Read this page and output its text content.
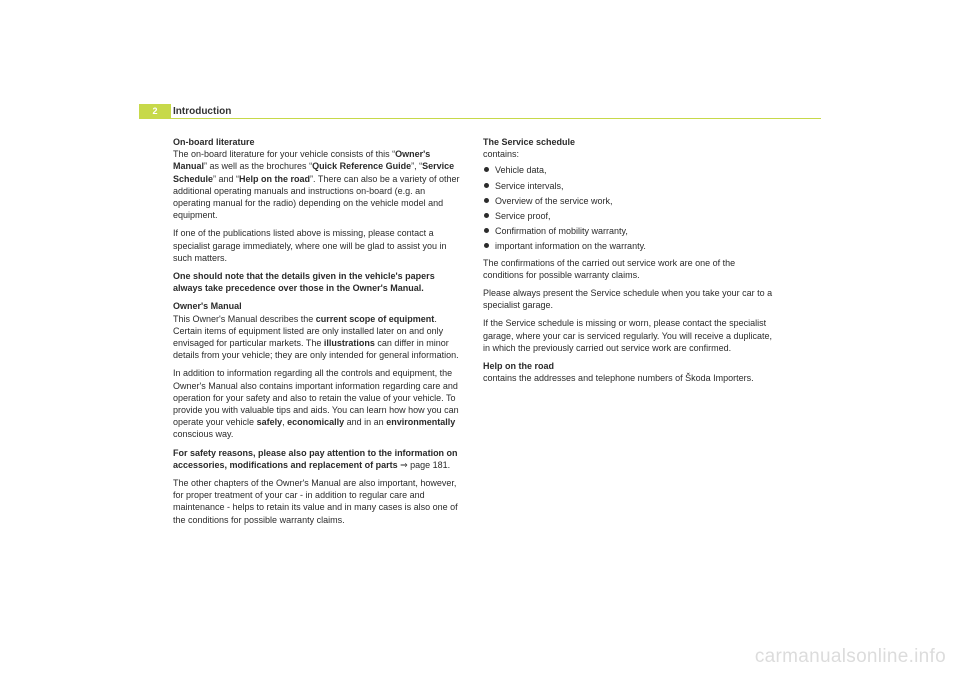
2	Introduction

On-board literature

The on-board literature for your vehicle consists of this “Owner's Manual” as well as the brochures “Quick Reference Guide”, “Service Schedule” and “Help on the road”. There can also be a variety of other additional operating manuals and instructions on-board (e.g. an operating manual for the radio) depending on the vehicle model and equipment.

If one of the publications listed above is missing, please contact a specialist garage immediately, where one will be glad to assist you in such matters.

One should note that the details given in the vehicle's papers always take precedence over those in the Owner's Manual.

Owner's Manual

This Owner's Manual describes the current scope of equipment. Certain items of equipment listed are only installed later on and only envisaged for particular markets. The illustrations can differ in minor details from your vehicle; they are only intended for general information.

In addition to information regarding all the controls and equipment, the Owner's Manual also contains important information regarding care and operation for your safety and also to retain the value of your vehicle. To provide you with valuable tips and aids. You can learn how how you can operate your vehicle safely, economically and in an environmentally conscious way.

For safety reasons, please also pay attention to the information on accessories, modifications and replacement of parts ⇒ page 181.

The other chapters of the Owner's Manual are also important, however, for proper treatment of your car - in addition to regular care and maintenance - helps to retain its value and in many cases is also one of the conditions for possible warranty claims.

The Service schedule

contains:

Vehicle data,
Service intervals,
Overview of the service work,
Service proof,
Confirmation of mobility warranty,
important information on the warranty.

The confirmations of the carried out service work are one of the conditions for possible warranty claims.

Please always present the Service schedule when you take your car to a specialist garage.

If the Service schedule is missing or worn, please contact the specialist garage, where your car is serviced regularly. You will receive a duplicate, in which the previously carried out service work are confirmed.

Help on the road

contains the addresses and telephone numbers of Škoda Importers.

carmanualsonline.info
